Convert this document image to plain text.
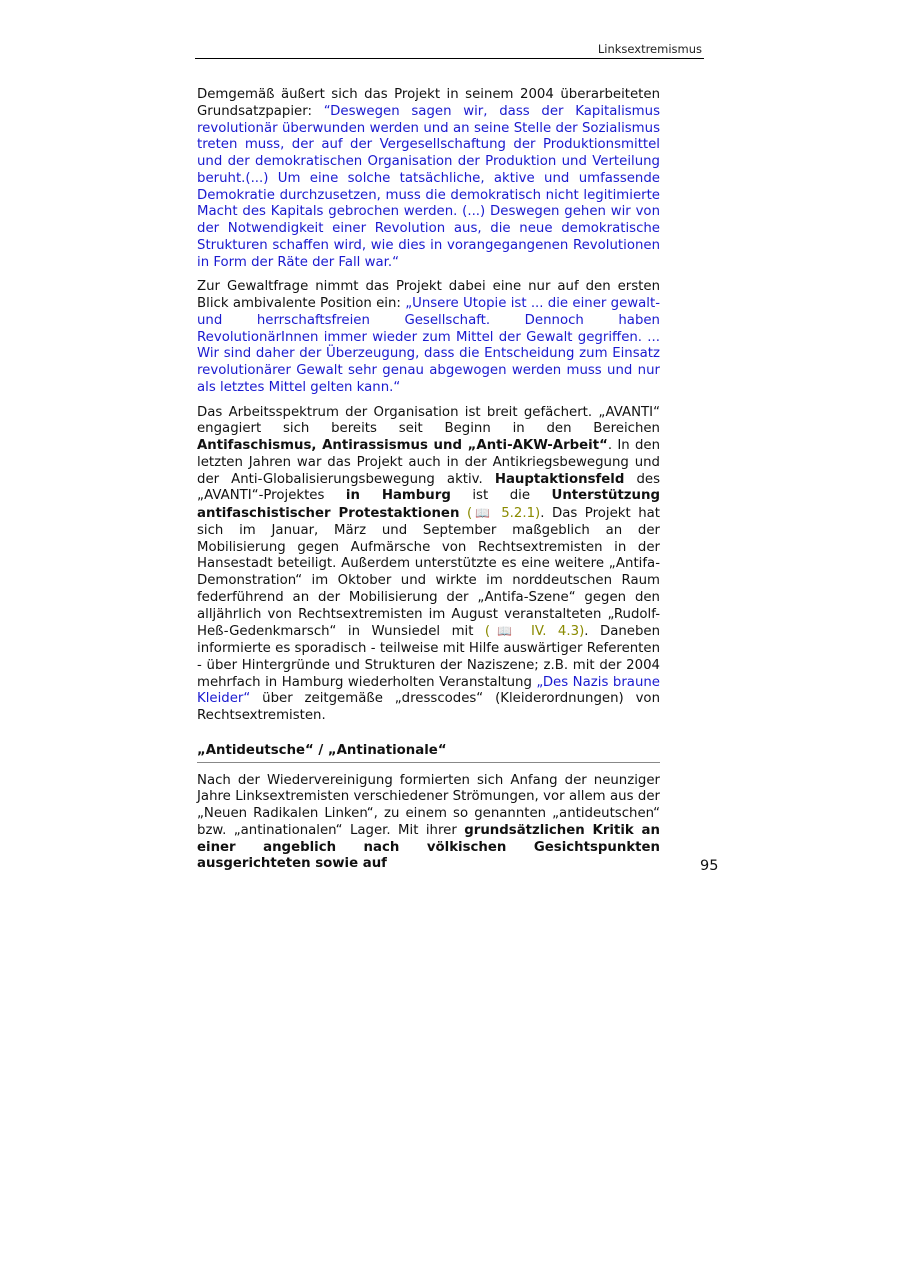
Linksextremismus

Demgemäß äußert sich das Projekt in seinem 2004 überarbeiteten Grundsatzpapier: “Deswegen sagen wir, dass der Kapitalismus revolutionär überwunden werden und an seine Stelle der Sozialismus treten muss, der auf der Vergesellschaftung der Produktionsmittel und der demokratischen Organisation der Produktion und Verteilung beruht.(...) Um eine solche tatsächliche, aktive und umfassende Demokratie durchzusetzen, muss die demokratisch nicht legitimierte Macht des Kapitals gebrochen werden. (...) Deswegen gehen wir von der Notwendigkeit einer Revolution aus, die neue demokratische Strukturen schaffen wird, wie dies in vorangegangenen Revolutionen in Form der Räte der Fall war.“

Zur Gewaltfrage nimmt das Projekt dabei eine nur auf den ersten Blick ambivalente Position ein: „Unsere Utopie ist ... die einer gewalt- und herrschaftsfreien Gesellschaft. Dennoch haben RevolutionärInnen immer wieder zum Mittel der Gewalt gegriffen. ... Wir sind daher der Überzeugung, dass die Entscheidung zum Einsatz revolutionärer Gewalt sehr genau abgewogen werden muss und nur als letztes Mittel gelten kann.“

Das Arbeitsspektrum der Organisation ist breit gefächert. „AVANTI“ engagiert sich bereits seit Beginn in den Bereichen Antifaschismus, Antirassismus und „Anti-AKW-Arbeit“. In den letzten Jahren war das Projekt auch in der Antikriegsbewegung und der Anti-Globalisierungsbewegung aktiv. Hauptaktionsfeld des „AVANTI“-Projektes in Hamburg ist die Unterstützung antifaschistischer Protestaktionen (📖 5.2.1). Das Projekt hat sich im Januar, März und September maßgeblich an der Mobilisierung gegen Aufmärsche von Rechtsextremisten in der Hansestadt beteiligt. Außerdem unterstützte es eine weitere „Antifa-Demonstration“ im Oktober und wirkte im norddeutschen Raum federführend an der Mobilisierung der „Antifa-Szene“ gegen den alljährlich von Rechtsextremisten im August veranstalteten „Rudolf-Heß-Gedenkmarsch“ in Wunsiedel mit (📖 IV. 4.3). Daneben informierte es sporadisch - teilweise mit Hilfe auswärtiger Referenten - über Hintergründe und Strukturen der Naziszene; z.B. mit der 2004 mehrfach in Hamburg wiederholten Veranstaltung „Des Nazis braune Kleider“ über zeitgemäße „dresscodes“ (Kleiderordnungen) von Rechtsextremisten.

„Antideutsche“ / „Antinationale“

Nach der Wiedervereinigung formierten sich Anfang der neunziger Jahre Linksextremisten verschiedener Strömungen, vor allem aus der „Neuen Radikalen Linken“, zu einem so genannten „antideutschen“ bzw. „antinationalen“ Lager. Mit ihrer grundsätzlichen Kritik an einer angeblich nach völkischen Gesichtspunkten ausgerichteten sowie auf	95
